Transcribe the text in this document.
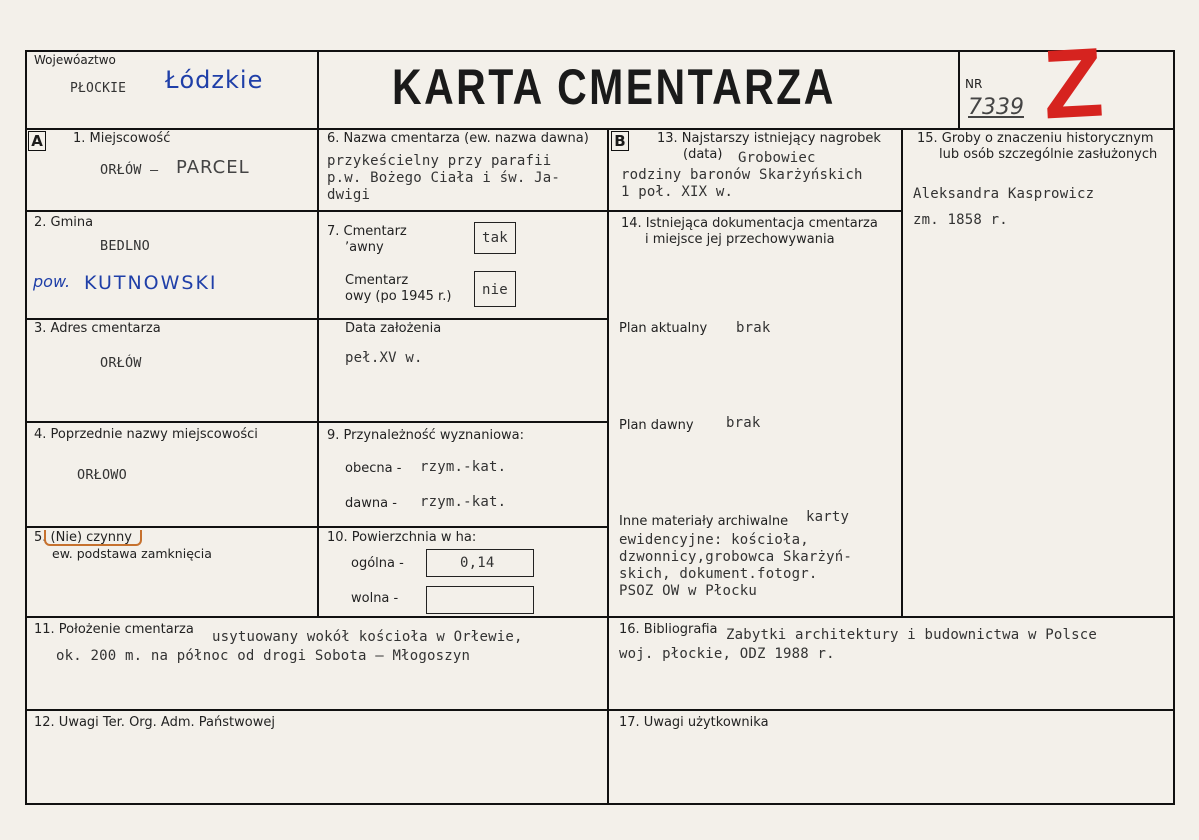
Wojewóaztwo
PŁOCKIE Łódzkie	KARTA CMENTARZA	NR
7339 Z
A 1. Miejscowość
ORŁÓW – PARCEL
2. Gmina
BEDLNO
pow. KUTNOWSKI
3. Adres cmentarza
ORŁÓW
4. Poprzednie nazwy miejscowości
ORŁOWO
5. (Nie) czynny
ew. podstawa zamknięcia
6. Nazwa cmentarza (ew. nazwa dawna)
przykeścielny przy parafii
p.w. Bożego Ciała i św. Ja-
dwigi
7. Cmentarz
ʼawny
tak
Cmentarz
owy (po 1945 r.) nie
Data założenia
peł.XV w.
9. Przynależność wyznaniowa:
obecna - rzym.-kat.
dawna - rzym.-kat.
10. Powierzchnia w ha:
ogólna -	0,14
wolna -
B 13. Najstarszy istniejący nagrobek
(data) Grobowiec
rodziny baronów Skarżyńskich
1 poł. XIX w.
14. Istniejąca dokumentacja cmentarza
i miejsce jej przechowywania
Plan aktualny brak
Plan dawny brak
Inne materiały archiwalne karty
ewidencyjne: kościoła,
dzwonnicy,grobowca Skarżyń-
skich, dokument.fotogr.
PSOZ OW w Płocku
15. Groby o znaczeniu historycznym
lub osób szczególnie zasłużonych
Aleksandra Kasprowicz
zm. 1858 r.
11. Położenie cmentarza usytuowany wokół kościoła w Orłewie,
ok. 200 m. na północ od drogi Sobota – Młogoszyn
16. Bibliografia Zabytki architektury i budownictwa w Polsce
woj. płockie, ODZ 1988 r.
12. Uwagi Ter. Org. Adm. Państwowej	17. Uwagi użytkownika
